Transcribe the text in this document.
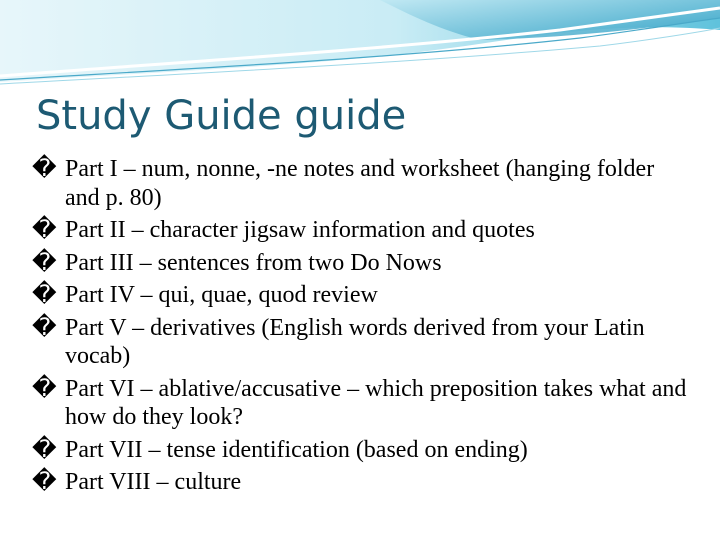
Study Guide guide
� Part I – num, nonne, -ne notes and worksheet (hanging folder and p. 80)
� Part II – character jigsaw information and quotes
� Part III – sentences from two Do Nows
� Part IV – qui, quae, quod review
� Part V – derivatives (English words derived from your Latin vocab)
� Part VI – ablative/accusative – which preposition takes what and how do they look?
� Part VII – tense identification (based on ending)
� Part VIII – culture
